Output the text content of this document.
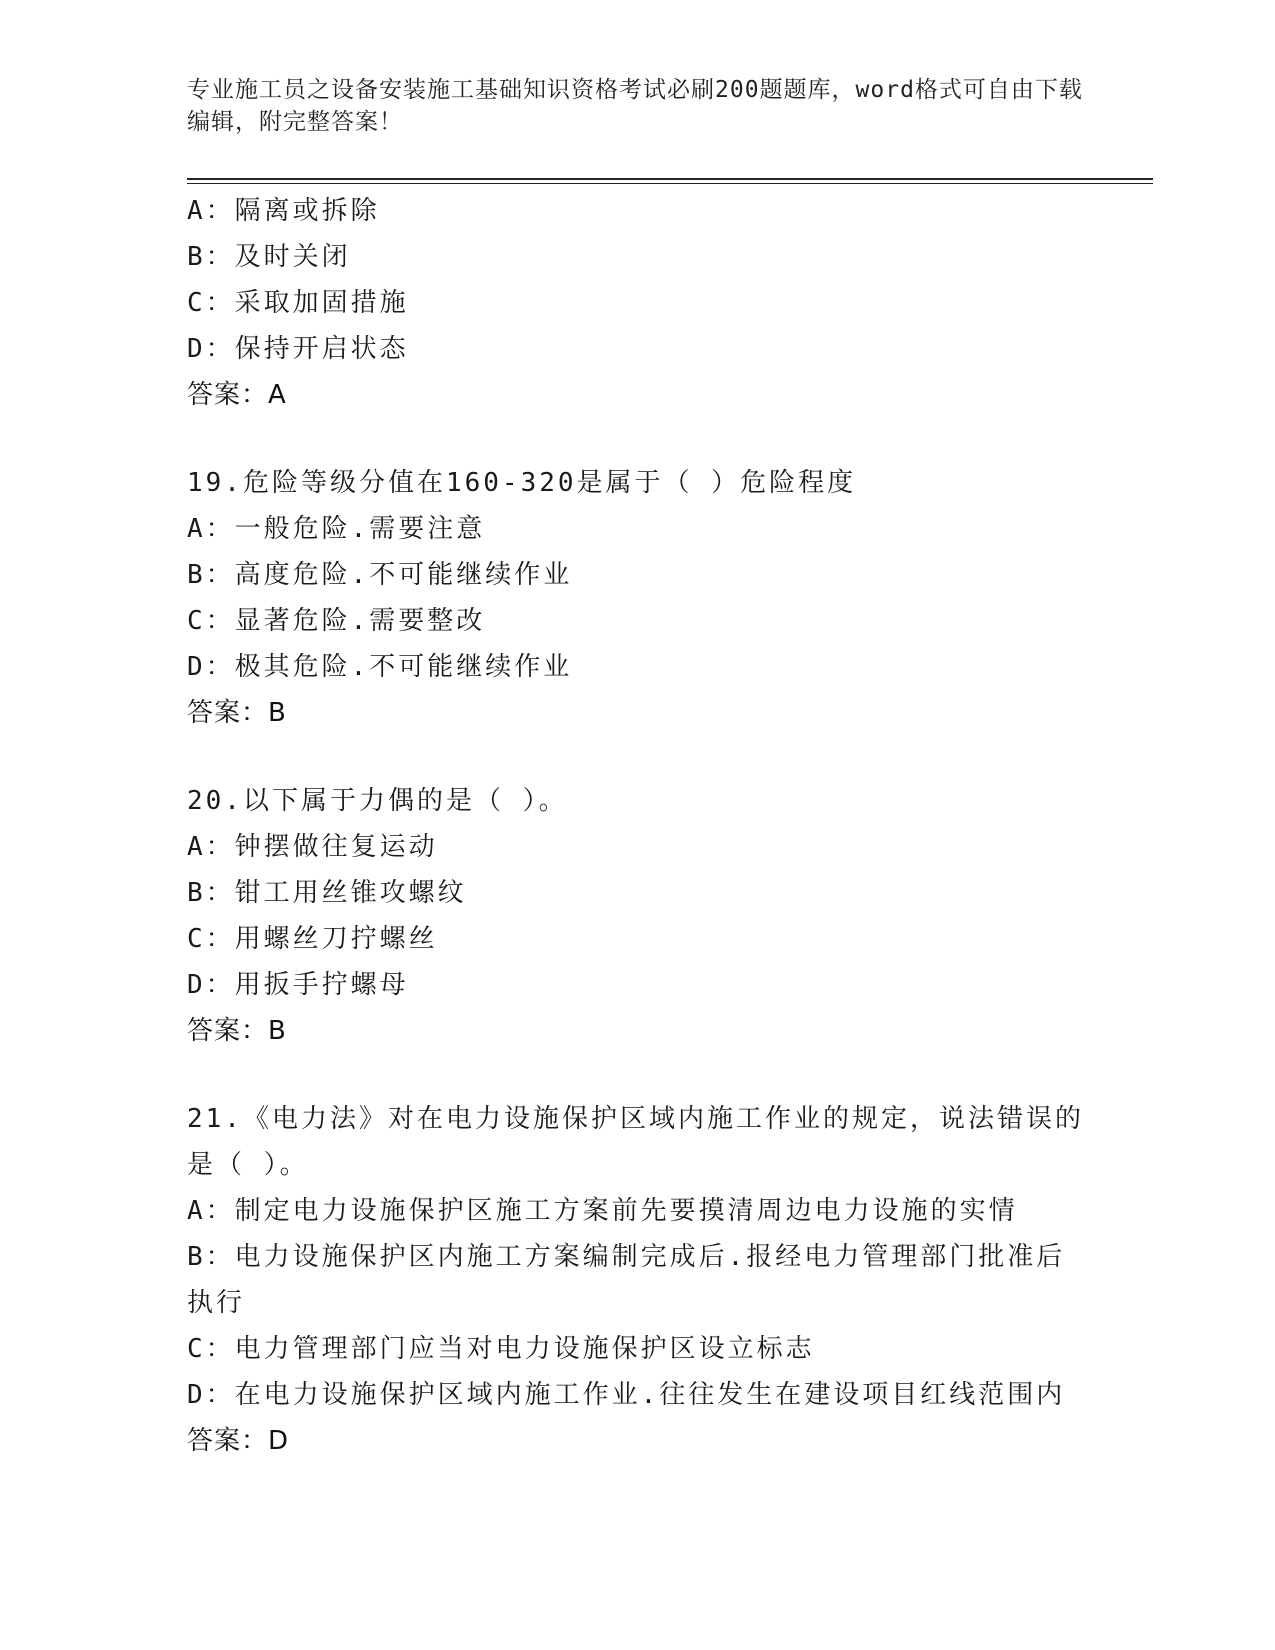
专业施工员之设备安装施工基础知识资格考试必刷200题题库，word格式可自由下载编辑，附完整答案！
A：隔离或拆除
B：及时关闭
C：采取加固措施
D：保持开启状态
答案：A
19.危险等级分值在160-320是属于（ ）危险程度
A：一般危险.需要注意
B：高度危险.不可能继续作业
C：显著危险.需要整改
D：极其危险.不可能继续作业
答案：B
20.以下属于力偶的是（ ）。
A：钟摆做往复运动
B：钳工用丝锥攻螺纹
C：用螺丝刀拧螺丝
D：用扳手拧螺母
答案：B
21.《电力法》对在电力设施保护区域内施工作业的规定，说法错误的是（ ）。
A：制定电力设施保护区施工方案前先要摸清周边电力设施的实情
B：电力设施保护区内施工方案编制完成后.报经电力管理部门批准后执行
C：电力管理部门应当对电力设施保护区设立标志
D：在电力设施保护区域内施工作业.往往发生在建设项目红线范围内
答案：D
